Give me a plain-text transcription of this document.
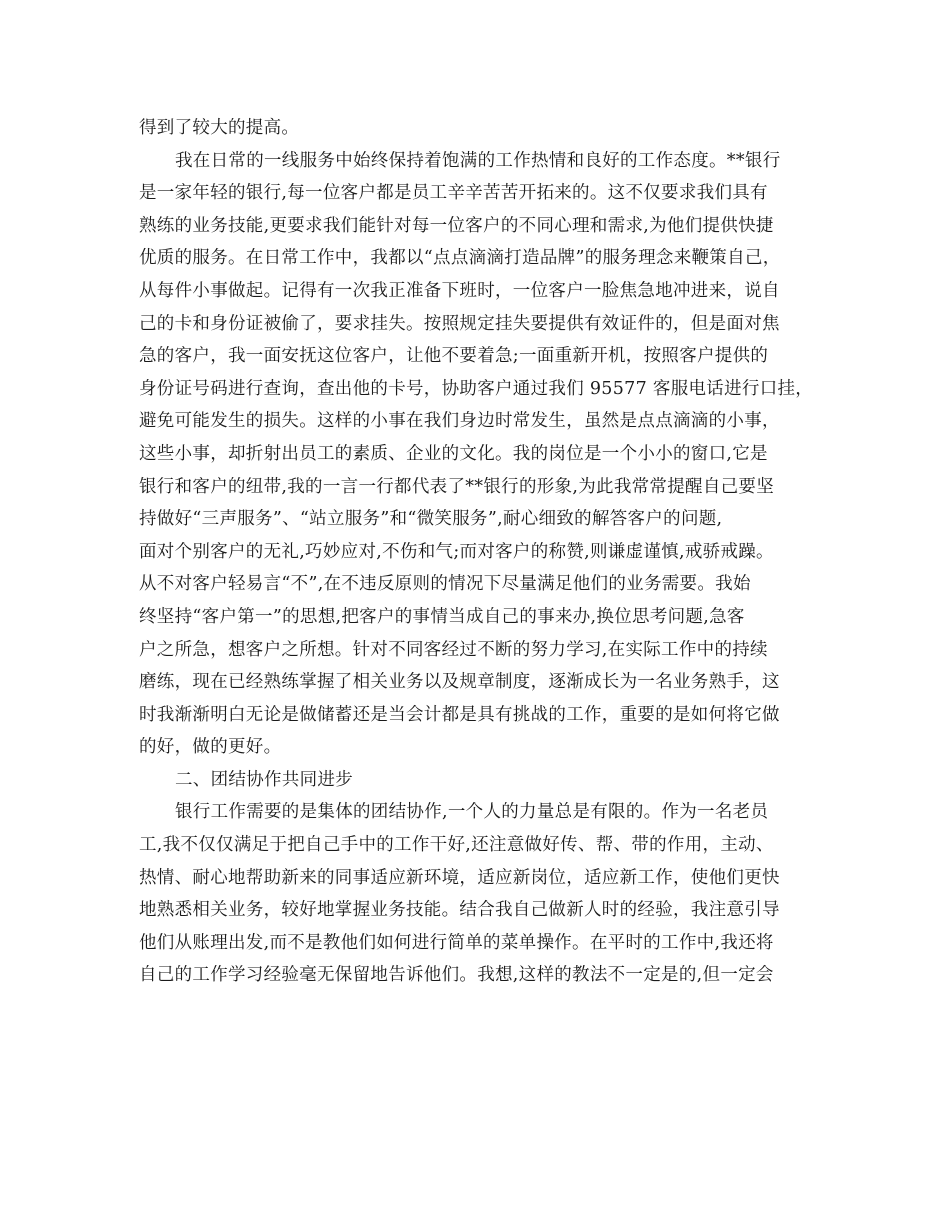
得到了较大的提高。
我在日常的一线服务中始终保持着饱满的工作热情和良好的工作态度。**银行
是一家年轻的银行,每一位客户都是员工辛辛苦苦开拓来的。这不仅要求我们具有
熟练的业务技能,更要求我们能针对每一位客户的不同心理和需求,为他们提供快捷
优质的服务。在日常工作中，我都以“点点滴滴打造品牌”的服务理念来鞭策自己，
从每件小事做起。记得有一次我正准备下班时，一位客户一脸焦急地冲进来，说自
己的卡和身份证被偷了，要求挂失。按照规定挂失要提供有效证件的，但是面对焦
急的客户，我一面安抚这位客户，让他不要着急;一面重新开机，按照客户提供的
身份证号码进行查询，查出他的卡号，协助客户通过我们 95577 客服电话进行口挂，
避免可能发生的损失。这样的小事在我们身边时常发生，虽然是点点滴滴的小事，
这些小事，却折射出员工的素质、企业的文化。我的岗位是一个小小的窗口,它是
银行和客户的纽带,我的一言一行都代表了**银行的形象,为此我常常提醒自己要坚
持做好“三声服务”、“站立服务”和“微笑服务”,耐心细致的解答客户的问题,
面对个别客户的无礼,巧妙应对,不伤和气;而对客户的称赞,则谦虚谨慎,戒骄戒躁。
从不对客户轻易言“不”,在不违反原则的情况下尽量满足他们的业务需要。我始
终坚持“客户第一”的思想,把客户的事情当成自己的事来办,换位思考问题,急客
户之所急，想客户之所想。针对不同客经过不断的努力学习,在实际工作中的持续
磨练，现在已经熟练掌握了相关业务以及规章制度，逐渐成长为一名业务熟手，这
时我渐渐明白无论是做储蓄还是当会计都是具有挑战的工作，重要的是如何将它做
的好，做的更好。
二、团结协作共同进步
银行工作需要的是集体的团结协作,一个人的力量总是有限的。作为一名老员
工,我不仅仅满足于把自己手中的工作干好,还注意做好传、帮、带的作用，主动、
热情、耐心地帮助新来的同事适应新环境，适应新岗位，适应新工作，使他们更快
地熟悉相关业务，较好地掌握业务技能。结合我自己做新人时的经验，我注意引导
他们从账理出发,而不是教他们如何进行简单的菜单操作。在平时的工作中,我还将
自己的工作学习经验毫无保留地告诉他们。我想,这样的教法不一定是的,但一定会
